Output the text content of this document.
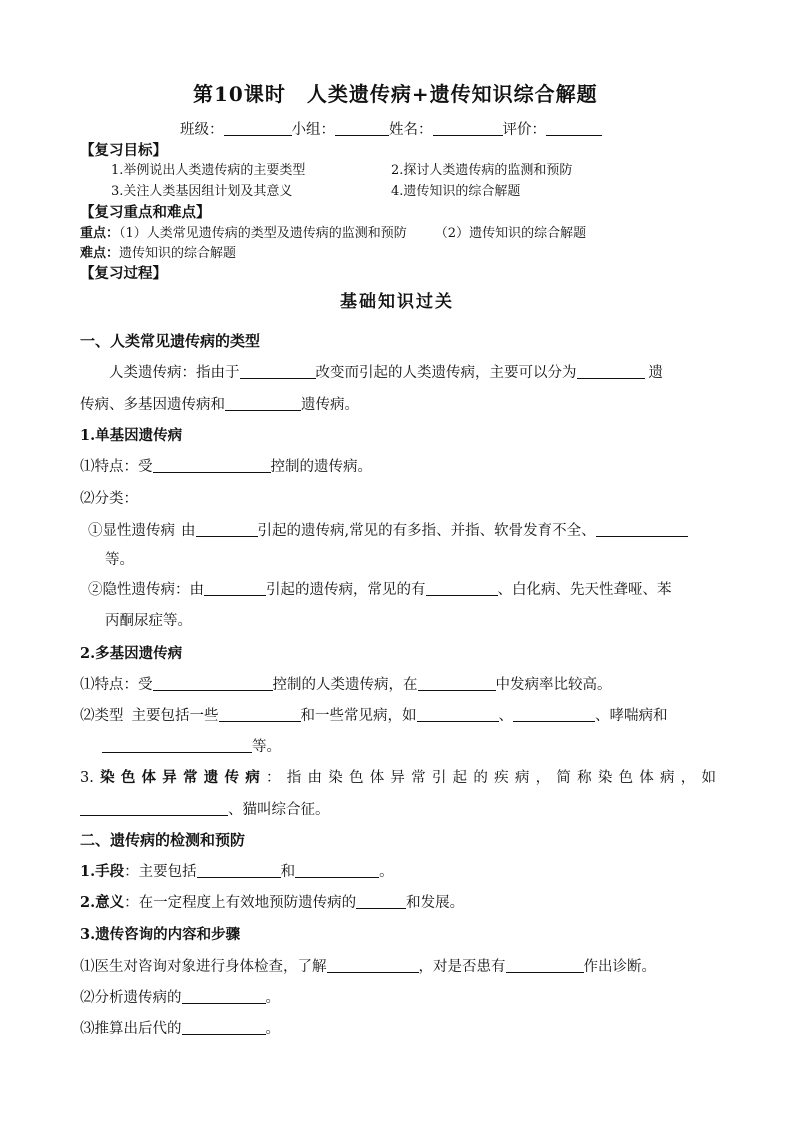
第10课时　人类遗传病+遗传知识综合解题
班级：	小组：	姓名：	评价：
【复习目标】
1.举例说出人类遗传病的主要类型	2.探讨人类遗传病的监测和预防
3.关注人类基因组计划及其意义	4.遗传知识的综合解题
【复习重点和难点】
重点：（1）人类常见遗传病的类型及遗传病的监测和预防 （2）遗传知识的综合解题
难点：遗传知识的综合解题
【复习过程】
基础知识过关
一、人类常见遗传病的类型
人类遗传病：指由于	改变而引起的人类遗传病，主要可以分为	遗
传病、多基因遗传病和	遗传病。
1.单基因遗传病
⑴特点：受	控制的遗传病。
⑵分类：
①显性遗传病 由	引起的遗传病,常见的有多指、并指、软骨发育不全、
等。
②隐性遗传病：由	引起的遗传病，常见的有	、白化病、先天性聋哑、苯
丙酮尿症等。
2.多基因遗传病
⑴特点：受	控制的人类遗传病，在	中发病率比较高。
⑵类型 主要包括一些	和一些常见病，如	、	、哮喘病和
等。
3.染色体异常遗传病：指由染色体异常引起的疾病，简称染色体病，如
、猫叫综合征。
二、遗传病的检测和预防
1.手段：主要包括	和	。
2.意义：在一定程度上有效地预防遗传病的	和发展。
3.遗传咨询的内容和步骤
⑴医生对咨询对象进行身体检查，了解	，对是否患有	作出诊断。
⑵分析遗传病的	。
⑶推算出后代的	。
